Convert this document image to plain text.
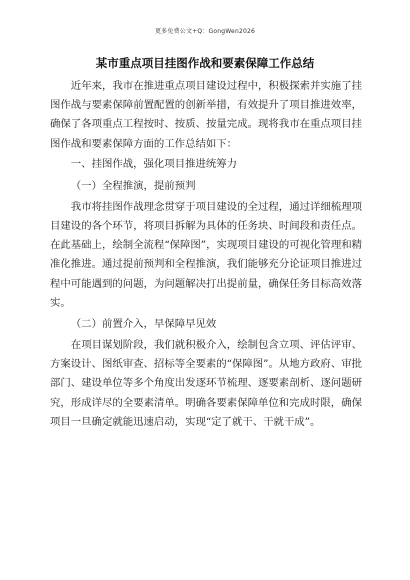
更多免费公文+Q：GongWen2026
某市重点项目挂图作战和要素保障工作总结

近年来，我市在推进重点项目建设过程中，积极探索并实施了挂图作战与要素保障前置配置的创新举措，有效提升了项目推进效率，确保了各项重点工程按时、按质、按量完成。现将我市在重点项目挂图作战和要素保障方面的工作总结如下：

一、挂图作战，强化项目推进统筹力

（一）全程推演，提前预判

我市将挂图作战理念贯穿于项目建设的全过程，通过详细梳理项目建设的各个环节，将项目拆解为具体的任务块、时间段和责任点。在此基础上，绘制全流程“保障图”，实现项目建设的可视化管理和精准化推进。通过提前预判和全程推演，我们能够充分论证项目推进过程中可能遇到的问题，为问题解决打出提前量，确保任务目标高效落实。

（二）前置介入，早保障早见效

在项目谋划阶段，我们就积极介入，绘制包含立项、评估评审、方案设计、图纸审查、招标等全要素的“保障图”。从地方政府、审批部门、建设单位等多个角度出发逐环节梳理、逐要素剖析、逐问题研究，形成详尽的全要素清单。明确各要素保障单位和完成时限，确保项目一旦确定就能迅速启动，实现“定了就干、干就干成”。
